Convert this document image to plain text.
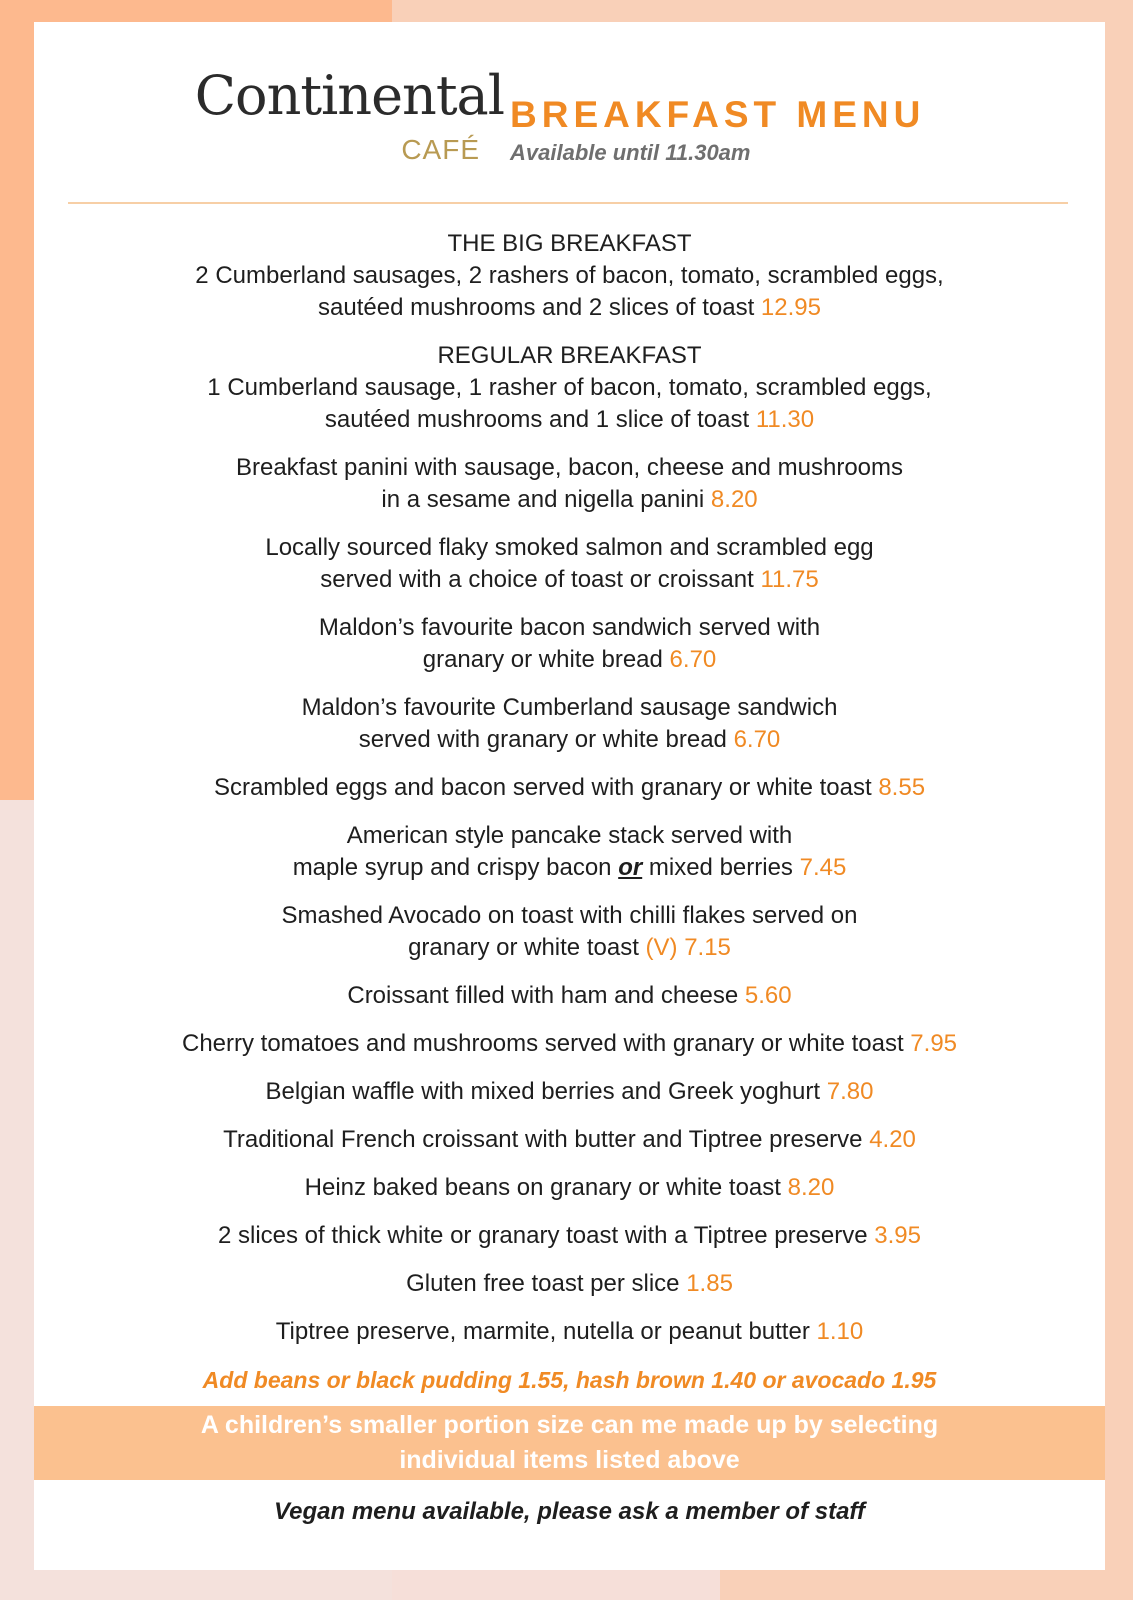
Continental
CAFÉ
BREAKFAST MENU
Available until 11.30am
THE BIG BREAKFAST
2 Cumberland sausages, 2 rashers of bacon, tomato, scrambled eggs,
sautéed mushrooms and 2 slices of toast 12.95
REGULAR BREAKFAST
1 Cumberland sausage, 1 rasher of bacon, tomato, scrambled eggs,
sautéed mushrooms and 1 slice of toast 11.30
Breakfast panini with sausage, bacon, cheese and mushrooms
in a sesame and nigella panini 8.20
Locally sourced flaky smoked salmon and scrambled egg
served with a choice of toast or croissant 11.75
Maldon’s favourite bacon sandwich served with
granary or white bread 6.70
Maldon’s favourite Cumberland sausage sandwich
served with granary or white bread 6.70
Scrambled eggs and bacon served with granary or white toast 8.55
American style pancake stack served with
maple syrup and crispy bacon or mixed berries 7.45
Smashed Avocado on toast with chilli flakes served on
granary or white toast (V) 7.15
Croissant filled with ham and cheese 5.60
Cherry tomatoes and mushrooms served with granary or white toast 7.95
Belgian waffle with mixed berries and Greek yoghurt 7.80
Traditional French croissant with butter and Tiptree preserve 4.20
Heinz baked beans on granary or white toast 8.20
2 slices of thick white or granary toast with a Tiptree preserve 3.95
Gluten free toast per slice 1.85
Tiptree preserve, marmite, nutella or peanut butter 1.10
Add beans or black pudding 1.55, hash brown 1.40 or avocado 1.95
A children’s smaller portion size can me made up by selecting
individual items listed above
Vegan menu available, please ask a member of staff
